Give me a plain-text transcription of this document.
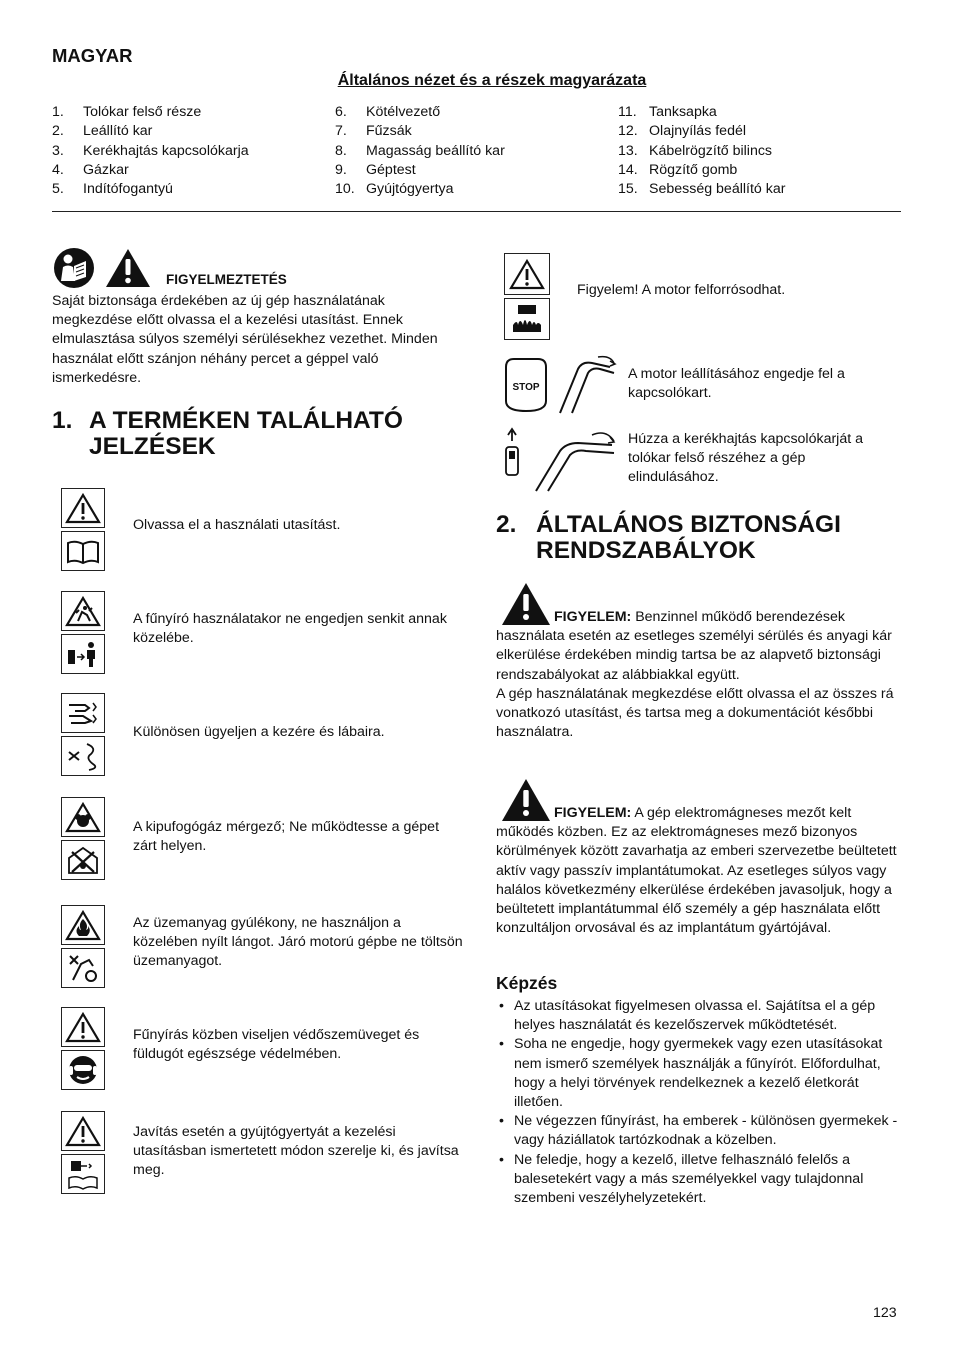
MAGYAR
Általános nézet és a részek magyarázata
1.	Tolókar felső része
2.	Leállító kar
3.	Kerékhajtás kapcsolókarja
4.	Gázkar
5.	Indítófogantyú
6.	Kötélvezető
7.	Fűzsák
8.	Magasság beállító kar
9.	Géptest
10. Gyújtógyertya
11. Tanksapka
12. Olajnyílás fedél
13. Kábelrögzítő bilincs
14. Rögzítő gomb
15. Sebesség beállító kar
FIGYELMEZTETÉS

Saját biztonsága érdekében az új gép használatának megkezdése előtt olvassa el a kezelési utasítást. Ennek elmulasztása súlyos személyi sérülésekhez vezethet. Minden használat előtt szánjon néhány percet a géppel való ismerkedésre.

1. A TERMÉKEN TALÁLHATÓ
JELZÉSEK
Olvassa el a használati utasítást.
A fűnyíró használatakor ne engedjen senkit annak közelébe.
Különösen ügyeljen a kezére és lábaira.
A kipufogógáz mérgező; Ne működtesse a gépet zárt helyen.
Az üzemanyag gyúlékony, ne használjon a közelében nyílt lángot. Járó motorú gépbe ne töltsön üzemanyagot.
Fűnyírás közben viseljen védőszemüveget és füldugót egészsége védelmében.
Javítás esetén a gyújtógyertyát a kezelési utasításban ismertetett módon szerelje ki, és javítsa meg.
Figyelem! A motor felforrósodhat.
STOP
A motor leállításához engedje fel a kapcsolókart.
Húzza a kerékhajtás kapcsolókarját a tolókar felső részéhez a gép elindulásához.
2. ÁLTALÁNOS BIZTONSÁGI
RENDSZABÁLYOK

FIGYELEM: Benzinnel működő berendezések használata esetén az esetleges személyi sérülés és anyagi kár elkerülése érdekében mindig tartsa be az alapvető biztonsági rendszabályokat az alábbiakkal együtt.

A gép használatának megkezdése előtt olvassa el az összes rá vonatkozó utasítást, és tartsa meg a dokumentációt későbbi használatra.

FIGYELEM: A gép elektromágneses mezőt kelt működés közben. Ez az elektromágneses mező bizonyos körülmények között zavarhatja az emberi szervezetbe beültetett aktív vagy passzív implantátumokat. Az esetleges súlyos vagy halálos következmény elkerülése érdekében javasoljuk, hogy a beültetett implantátummal élő személy a gép használata előtt konzultáljon orvosával és az implantátum gyártójával.

Képzés
• Az utasításokat figyelmesen olvassa el. Sajátítsa el a gép helyes használatát és kezelőszervek működtetését.
• Soha ne engedje, hogy gyermekek vagy ezen utasításokat nem ismerő személyek használják a fűnyírót. Előfordulhat, hogy a helyi törvények rendelkeznek a kezelő életkorát illetően.
• Ne végezzen fűnyírást, ha emberek - különösen gyermekek - vagy háziállatok tartózkodnak a közelben.
• Ne feledje, hogy a kezelő, illetve felhasználó felelős a balesetekért vagy a más személyekkel vagy tulajdonnal szembeni veszélyhelyzetekért.
123
